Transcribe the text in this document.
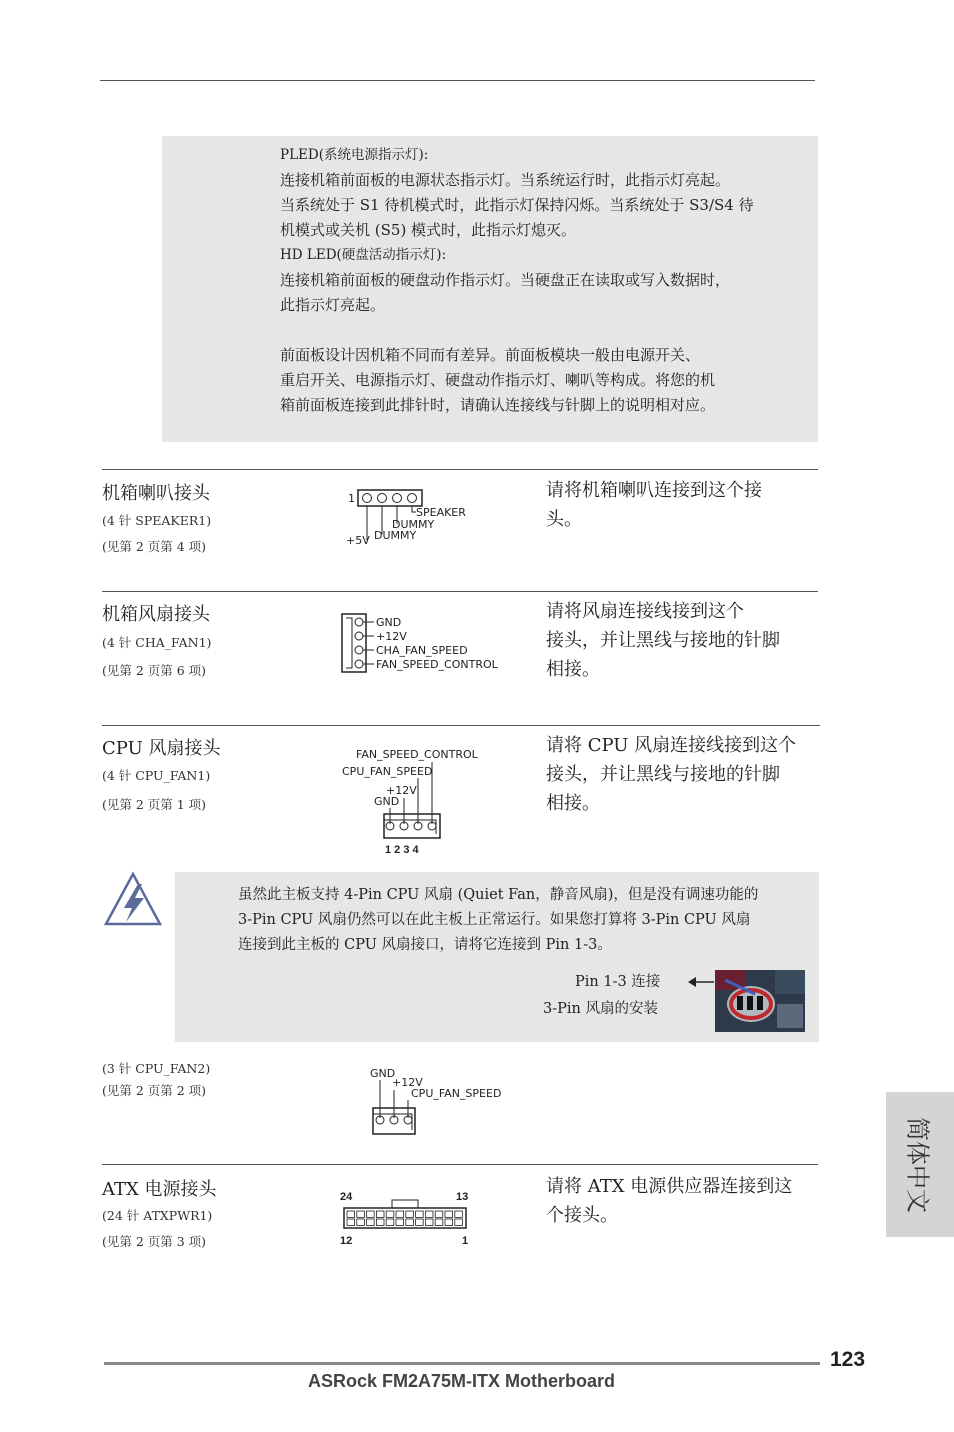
PLED(系统电源指示灯):
连接机箱前面板的电源状态指示灯。当系统运行时，此指示灯亮起。
当系统处于 S1 待机模式时，此指示灯保持闪烁。当系统处于 S3/S4 待
机模式或关机 (S5) 模式时，此指示灯熄灭。
HD LED(硬盘活动指示灯):
连接机箱前面板的硬盘动作指示灯。当硬盘正在读取或写入数据时，
此指示灯亮起。
前面板设计因机箱不同而有差异。前面板模块一般由电源开关、
重启开关、电源指示灯、硬盘动作指示灯、喇叭等构成。将您的机
箱前面板连接到此排针时，请确认连接线与针脚上的说明相对应。
机箱喇叭接头
(4 针 SPEAKER1)
(见第 2 页第 4 项)
请将机箱喇叭连接到这个接
头。
1
SPEAKER
DUMMY
DUMMY
+5V
机箱风扇接头
(4 针 CHA_FAN1)
(见第 2 页第 6 项)
请将风扇连接线接到这个
接头，并让黑线与接地的针脚
相接。
GND
+12V
CHA_FAN_SPEED
FAN_SPEED_CONTROL
CPU 风扇接头
(4 针 CPU_FAN1)
(见第 2 页第 1 项)
请将 CPU 风扇连接线接到这个
接头，并让黑线与接地的针脚
相接。
FAN_SPEED_CONTROL
CPU_FAN_SPEED
+12V
GND
1 2 3 4
虽然此主板支持 4-Pin CPU 风扇 (Quiet Fan，静音风扇)，但是没有调速功能的
3-Pin CPU 风扇仍然可以在此主板上正常运行。如果您打算将 3-Pin CPU 风扇
连接到此主板的 CPU 风扇接口，请将它连接到 Pin 1-3。
Pin 1-3 连接
3-Pin 风扇的安装
(3 针 CPU_FAN2)
(见第 2 页第 2 项)
GND
+12V
CPU_FAN_SPEED
ATX 电源接头
(24 针 ATXPWR1)
(见第 2 页第 3 项)
请将 ATX 电源供应器连接到这
个接头。
24	13
12	1
简体中文
123
ASRock FM2A75M-ITX Motherboard
